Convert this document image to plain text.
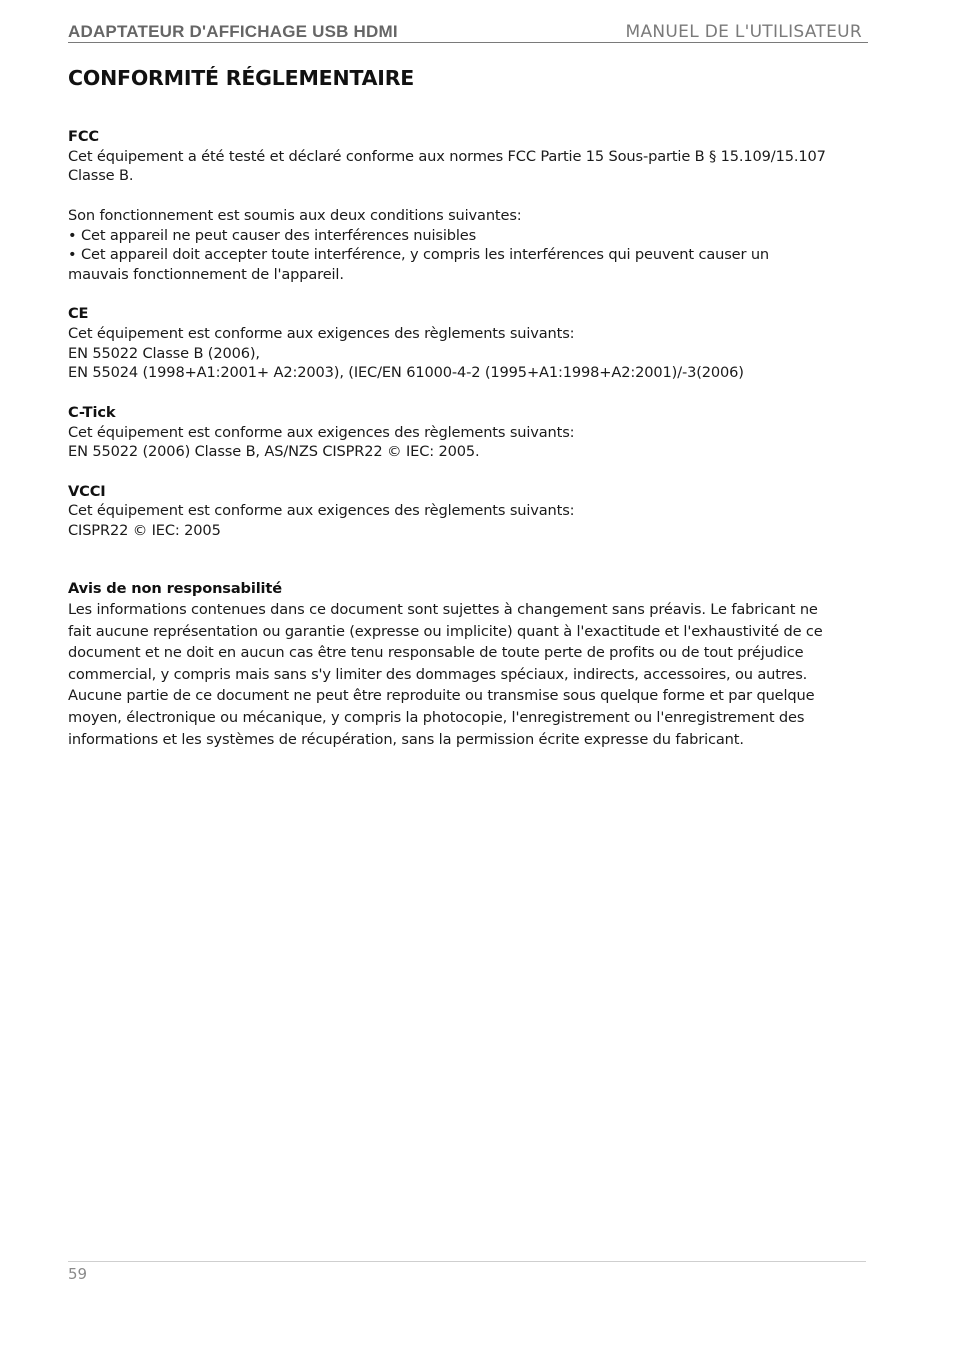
ADAPTATEUR D'AFFICHAGE USB HDMI	MANUEL DE L'UTILISATEUR
CONFORMITÉ RÉGLEMENTAIRE

FCC

Cet équipement a été testé et déclaré conforme aux normes FCC Partie 15 Sous-partie B § 15.109/15.107

Classe B.

Son fonctionnement est soumis aux deux conditions suivantes:

• Cet appareil ne peut causer des interférences nuisibles

• Cet appareil doit accepter toute interférence, y compris les interférences qui peuvent causer un

mauvais fonctionnement de l'appareil.

CE

Cet équipement est conforme aux exigences des règlements suivants:

EN 55022 Classe B (2006),

EN 55024 (1998+A1:2001+ A2:2003), (IEC/EN 61000-4-2 (1995+A1:1998+A2:2001)/-3(2006)

C-Tick

Cet équipement est conforme aux exigences des règlements suivants:

EN 55022 (2006) Classe B, AS/NZS CISPR22 © IEC: 2005.

VCCI

Cet équipement est conforme aux exigences des règlements suivants:

CISPR22 © IEC: 2005

Avis de non responsabilité

Les informations contenues dans ce document sont sujettes à changement sans préavis. Le fabricant ne

fait aucune représentation ou garantie (expresse ou implicite) quant à l'exactitude et l'exhaustivité de ce

document et ne doit en aucun cas être tenu responsable de toute perte de profits ou de tout préjudice

commercial, y compris mais sans s'y limiter des dommages spéciaux, indirects, accessoires, ou autres.

Aucune partie de ce document ne peut être reproduite ou transmise sous quelque forme et par quelque

moyen, électronique ou mécanique, y compris la photocopie, l'enregistrement ou l'enregistrement des

informations et les systèmes de récupération, sans la permission écrite expresse du fabricant.

59
